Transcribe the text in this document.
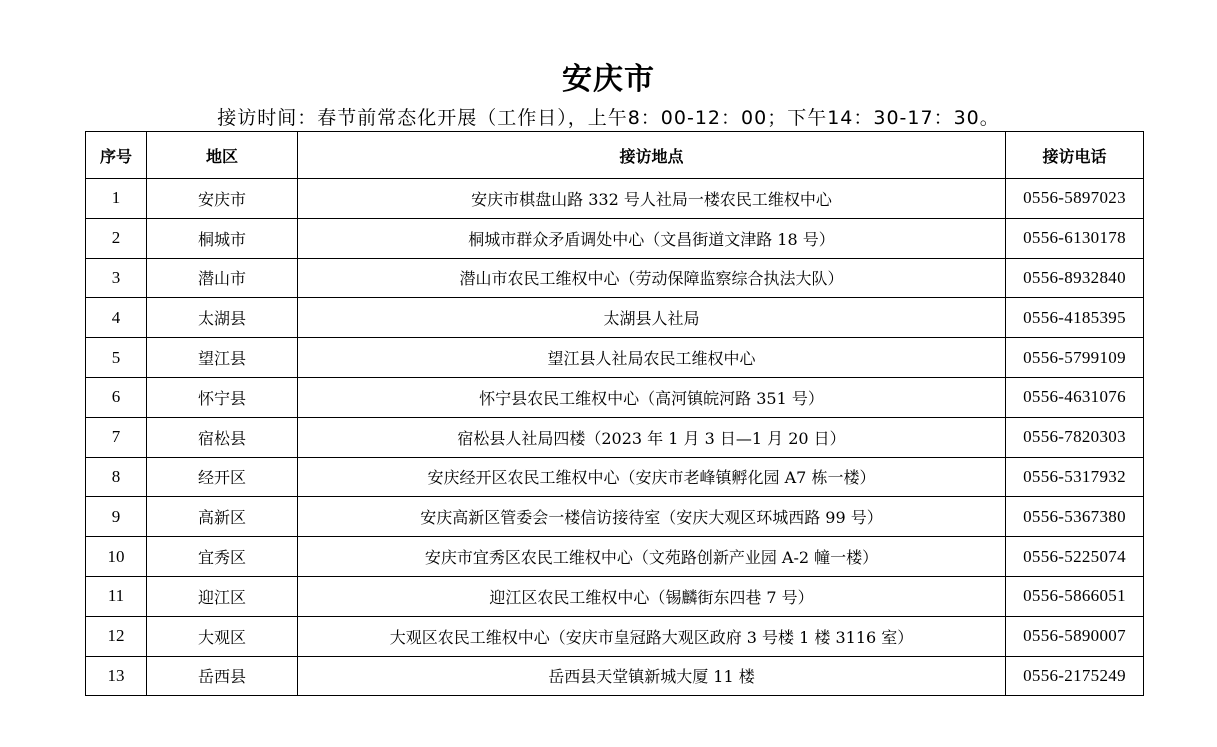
安庆市
接访时间：春节前常态化开展（工作日），上午8：00-12：00；下午14：30-17：30。
序号	地区	接访地点	接访电话
1	安庆市	安庆市棋盘山路 332 号人社局一楼农民工维权中心	0556-5897023
2	桐城市	桐城市群众矛盾调处中心（文昌街道文津路 18 号）	0556-6130178
3	潜山市	潜山市农民工维权中心（劳动保障监察综合执法大队）	0556-8932840
4	太湖县	太湖县人社局	0556-4185395
5	望江县	望江县人社局农民工维权中心	0556-5799109
6	怀宁县	怀宁县农民工维权中心（高河镇皖河路 351 号）	0556-4631076
7	宿松县	宿松县人社局四楼（2023 年 1 月 3 日—1 月 20 日）	0556-7820303
8	经开区	安庆经开区农民工维权中心（安庆市老峰镇孵化园 A7 栋一楼）	0556-5317932
9	高新区	安庆高新区管委会一楼信访接待室（安庆大观区环城西路 99 号）	0556-5367380
10	宜秀区	安庆市宜秀区农民工维权中心（文苑路创新产业园 A-2 幢一楼）	0556-5225074
11	迎江区	迎江区农民工维权中心（锡麟街东四巷 7 号）	0556-5866051
12	大观区	大观区农民工维权中心（安庆市皇冠路大观区政府 3 号楼 1 楼 3116 室）	0556-5890007
13	岳西县	岳西县天堂镇新城大厦 11 楼	0556-2175249
